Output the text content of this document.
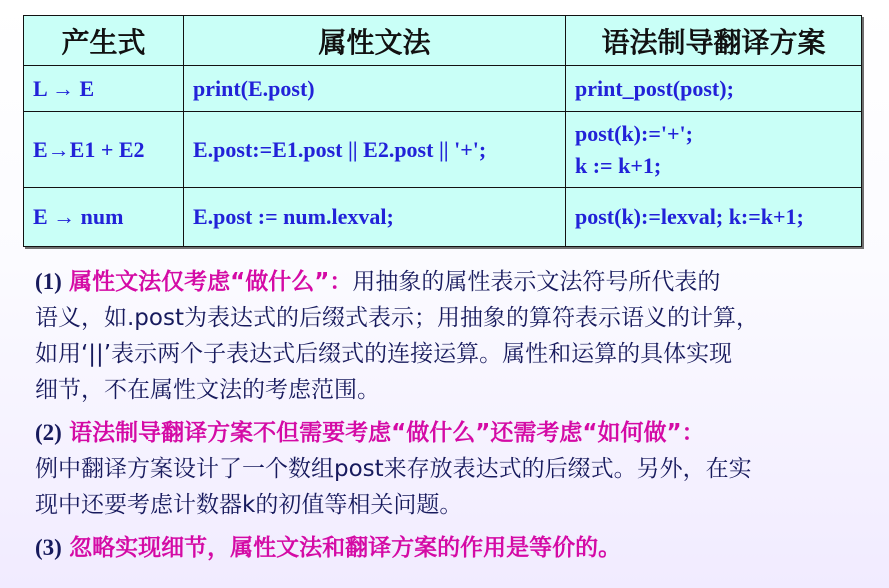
产生式	属性文法	语法制导翻译方案
L → E	print(E.post)	print_post(post);
E→E1 + E2	E.post:=E1.post || E2.post || '+';	post(k):='+';
k := k+1;
E → num	E.post := num.lexval;	post(k):=lexval; k:=k+1;

(1) 属性文法仅考虑“做什么”：用抽象的属性表示文法符号所代表的
语义，如.post为表达式的后缀式表示；用抽象的算符表示语义的计算，
如用‘||’表示两个子表达式后缀式的连接运算。属性和运算的具体实现
细节，不在属性文法的考虑范围。

(2) 语法制导翻译方案不但需要考虑“做什么”还需考虑“如何做”：
例中翻译方案设计了一个数组post来存放表达式的后缀式。另外，在实
现中还要考虑计数器k的初值等相关问题。

(3) 忽略实现细节，属性文法和翻译方案的作用是等价的。
